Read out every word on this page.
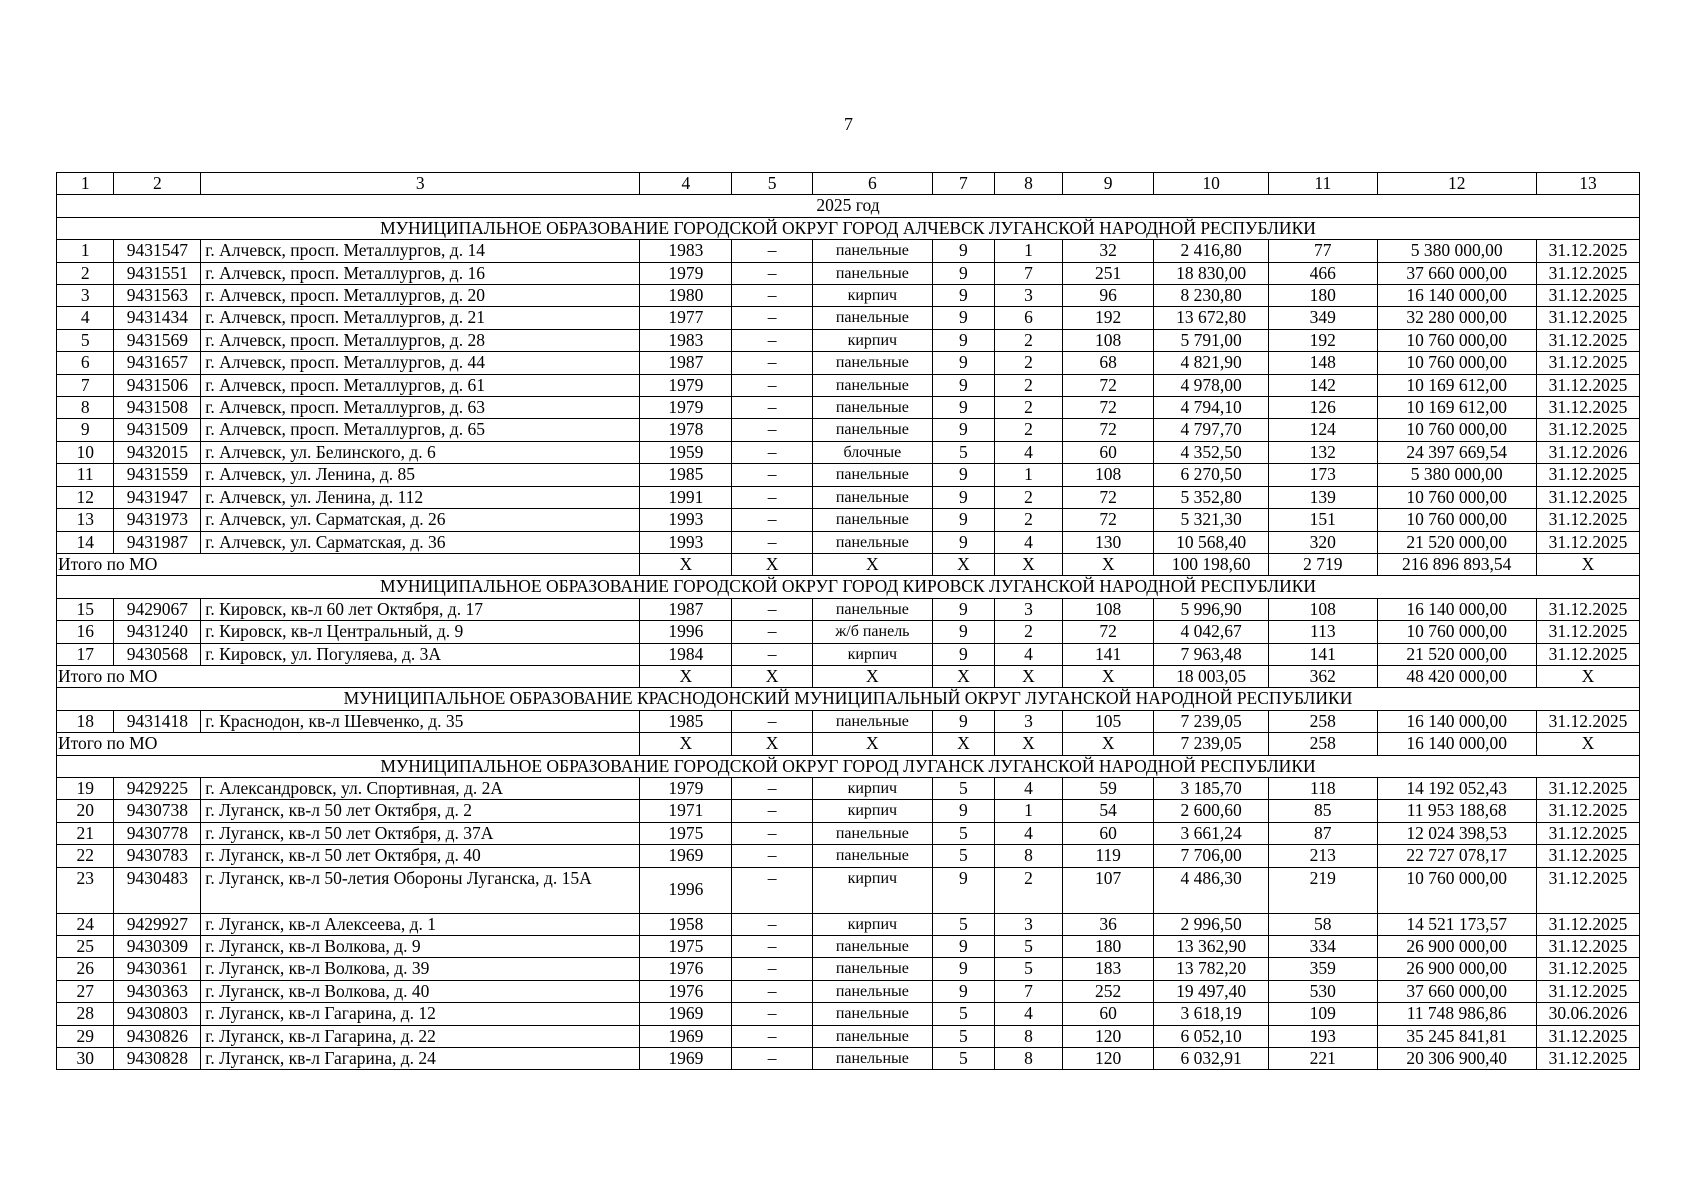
7
1	2	3	4	5	6	7	8	9	10	11	12	13
2025 год												
МУНИЦИПАЛЬНОЕ ОБРАЗОВАНИЕ ГОРОДСКОЙ ОКРУГ ГОРОД АЛЧЕВСК ЛУГАНСКОЙ НАРОДНОЙ РЕСПУБЛИКИ												
1	9431547	г. Алчевск, просп. Металлургов, д. 14	1983	–	панельные	9	1	32	2 416,80	77	5 380 000,00	31.12.2025
2	9431551	г. Алчевск, просп. Металлургов, д. 16	1979	–	панельные	9	7	251	18 830,00	466	37 660 000,00	31.12.2025
3	9431563	г. Алчевск, просп. Металлургов, д. 20	1980	–	кирпич	9	3	96	8 230,80	180	16 140 000,00	31.12.2025
4	9431434	г. Алчевск, просп. Металлургов, д. 21	1977	–	панельные	9	6	192	13 672,80	349	32 280 000,00	31.12.2025
5	9431569	г. Алчевск, просп. Металлургов, д. 28	1983	–	кирпич	9	2	108	5 791,00	192	10 760 000,00	31.12.2025
6	9431657	г. Алчевск, просп. Металлургов, д. 44	1987	–	панельные	9	2	68	4 821,90	148	10 760 000,00	31.12.2025
7	9431506	г. Алчевск, просп. Металлургов, д. 61	1979	–	панельные	9	2	72	4 978,00	142	10 169 612,00	31.12.2025
8	9431508	г. Алчевск, просп. Металлургов, д. 63	1979	–	панельные	9	2	72	4 794,10	126	10 169 612,00	31.12.2025
9	9431509	г. Алчевск, просп. Металлургов, д. 65	1978	–	панельные	9	2	72	4 797,70	124	10 760 000,00	31.12.2025
10	9432015	г. Алчевск, ул. Белинского, д. 6	1959	–	блочные	5	4	60	4 352,50	132	24 397 669,54	31.12.2026
11	9431559	г. Алчевск, ул. Ленина, д. 85	1985	–	панельные	9	1	108	6 270,50	173	5 380 000,00	31.12.2025
12	9431947	г. Алчевск, ул. Ленина, д. 112	1991	–	панельные	9	2	72	5 352,80	139	10 760 000,00	31.12.2025
13	9431973	г. Алчевск, ул. Сарматская, д. 26	1993	–	панельные	9	2	72	5 321,30	151	10 760 000,00	31.12.2025
14	9431987	г. Алчевск, ул. Сарматская, д. 36	1993	–	панельные	9	4	130	10 568,40	320	21 520 000,00	31.12.2025
Итого по МО			X	X	X	X	X	X	100 198,60	2 719	216 896 893,54	X
МУНИЦИПАЛЬНОЕ ОБРАЗОВАНИЕ ГОРОДСКОЙ ОКРУГ ГОРОД КИРОВСК ЛУГАНСКОЙ НАРОДНОЙ РЕСПУБЛИКИ												
15	9429067	г. Кировск, кв-л 60 лет Октября, д. 17	1987	–	панельные	9	3	108	5 996,90	108	16 140 000,00	31.12.2025
16	9431240	г. Кировск, кв-л Центральный, д. 9	1996	–	ж/б панель	9	2	72	4 042,67	113	10 760 000,00	31.12.2025
17	9430568	г. Кировск, ул. Погуляева, д. 3А	1984	–	кирпич	9	4	141	7 963,48	141	21 520 000,00	31.12.2025
Итого по МО			X	X	X	X	X	X	18 003,05	362	48 420 000,00	X
МУНИЦИПАЛЬНОЕ ОБРАЗОВАНИЕ КРАСНОДОНСКИЙ МУНИЦИПАЛЬНЫЙ ОКРУГ ЛУГАНСКОЙ НАРОДНОЙ РЕСПУБЛИКИ												
18	9431418	г. Краснодон, кв-л Шевченко, д. 35	1985	–	панельные	9	3	105	7 239,05	258	16 140 000,00	31.12.2025
Итого по МО			X	X	X	X	X	X	7 239,05	258	16 140 000,00	X
МУНИЦИПАЛЬНОЕ ОБРАЗОВАНИЕ ГОРОДСКОЙ ОКРУГ ГОРОД ЛУГАНСК ЛУГАНСКОЙ НАРОДНОЙ РЕСПУБЛИКИ												
19	9429225	г. Александровск, ул. Спортивная, д. 2А	1979	–	кирпич	5	4	59	3 185,70	118	14 192 052,43	31.12.2025
20	9430738	г. Луганск, кв-л 50 лет Октября, д. 2	1971	–	кирпич	9	1	54	2 600,60	85	11 953 188,68	31.12.2025
21	9430778	г. Луганск, кв-л 50 лет Октября, д. 37А	1975	–	панельные	5	4	60	3 661,24	87	12 024 398,53	31.12.2025
22	9430783	г. Луганск, кв-л 50 лет Октября, д. 40	1969	–	панельные	5	8	119	7 706,00	213	22 727 078,17	31.12.2025
23	9430483	г. Луганск, кв-л 50-летия Обороны Луганска, д. 15А	1996	–	кирпич	9	2	107	4 486,30	219	10 760 000,00	31.12.2025
24	9429927	г. Луганск, кв-л Алексеева, д. 1	1958	–	кирпич	5	3	36	2 996,50	58	14 521 173,57	31.12.2025
25	9430309	г. Луганск, кв-л Волкова, д. 9	1975	–	панельные	9	5	180	13 362,90	334	26 900 000,00	31.12.2025
26	9430361	г. Луганск, кв-л Волкова, д. 39	1976	–	панельные	9	5	183	13 782,20	359	26 900 000,00	31.12.2025
27	9430363	г. Луганск, кв-л Волкова, д. 40	1976	–	панельные	9	7	252	19 497,40	530	37 660 000,00	31.12.2025
28	9430803	г. Луганск, кв-л Гагарина, д. 12	1969	–	панельные	5	4	60	3 618,19	109	11 748 986,86	30.06.2026
29	9430826	г. Луганск, кв-л Гагарина, д. 22	1969	–	панельные	5	8	120	6 052,10	193	35 245 841,81	31.12.2025
30	9430828	г. Луганск, кв-л Гагарина, д. 24	1969	–	панельные	5	8	120	6 032,91	221	20 306 900,40	31.12.2025
